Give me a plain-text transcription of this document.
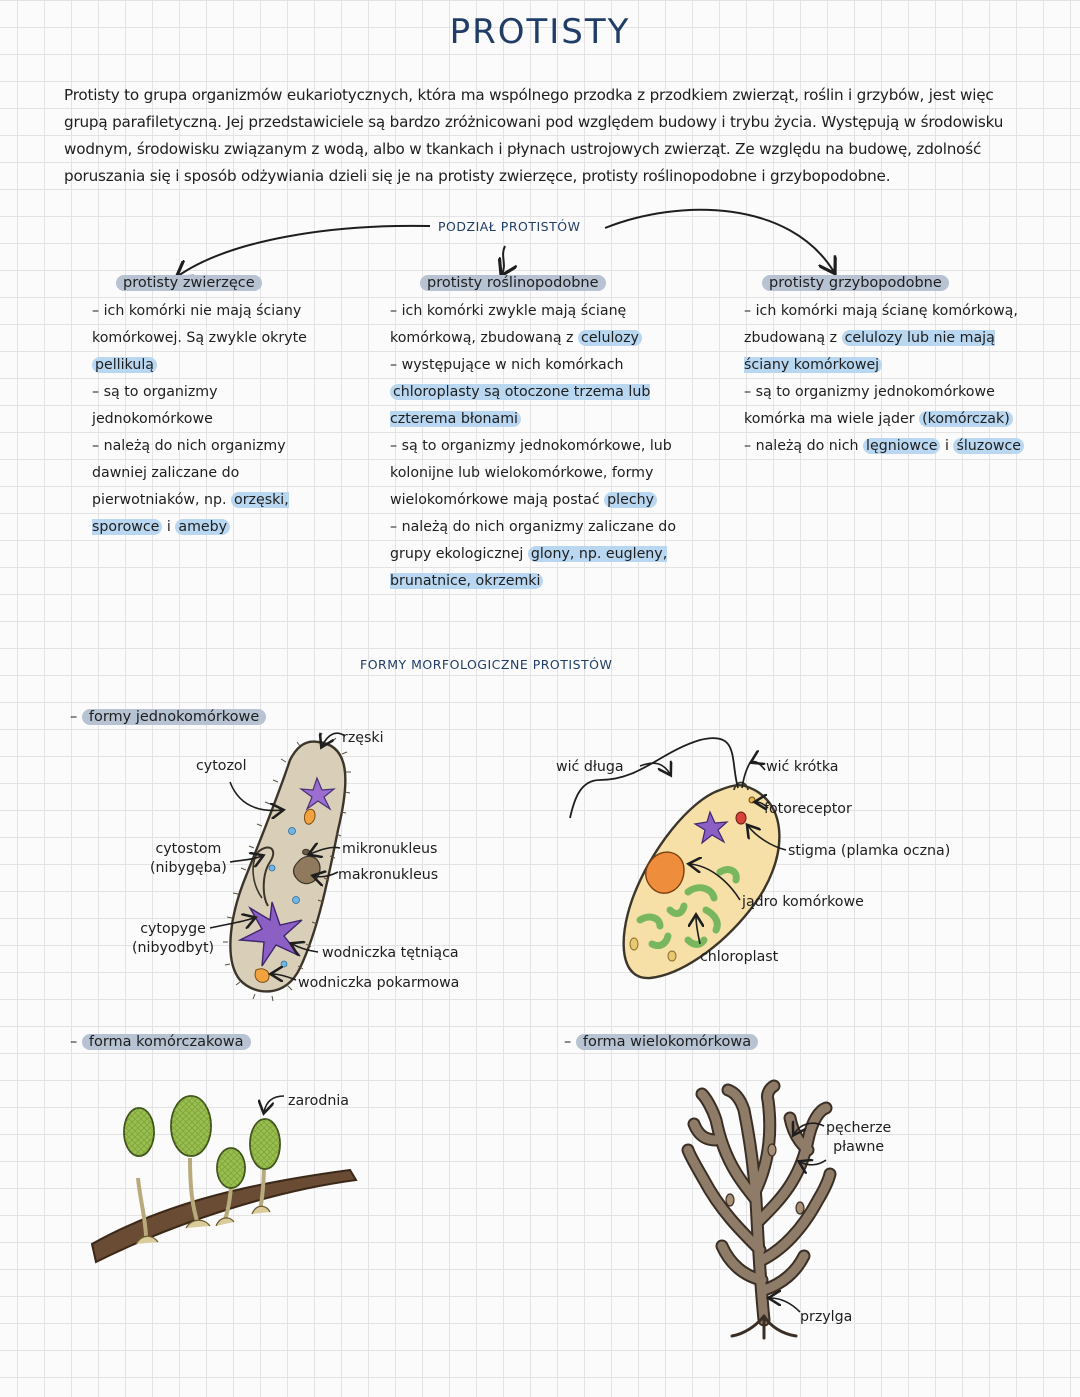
PROTISTY
Protisty to grupa organizmów eukariotycznych, która ma wspólnego przodka z przodkiem zwierząt, roślin i grzybów, jest więc grupą parafiletyczną. Jej przedstawiciele są bardzo zróżnicowani pod względem budowy i trybu życia. Występują w środowisku wodnym, środowisku związanym z wodą, albo w tkankach i płynach ustrojowych zwierząt. Ze względu na budowę, zdolność poruszania się i sposób odżywiania dzieli się je na protisty zwierzęce, protisty roślinopodobne i grzybopodobne.
PODZIAŁ PROTISTÓW
protisty zwierzęce

– ich komórki nie mają ściany komórkowej. Są zwykle okryte pellikulą

– są to organizmy jednokomórkowe

– należą do nich organizmy dawniej zaliczane do pierwotniaków, np. orzęski, sporowce i ameby

protisty roślinopodobne

– ich komórki zwykle mają ścianę komórkową, zbudowaną z celulozy

– występujące w nich komórkach chloroplasty są otoczone trzema lub czterema błonami

– są to organizmy jednokomórkowe, lub kolonijne lub wielokomórkowe, formy wielokomórkowe mają postać plechy

– należą do nich organizmy zaliczane do grupy ekologicznej glony, np. eugleny, brunatnice, okrzemki

protisty grzybopodobne

– ich komórki mają ścianę komórkową, zbudowaną z celulozy lub nie mają ściany komórkowej

– są to organizmy jednokomórkowe komórka ma wiele jąder (komórczak)

– należą do nich lęgniowce i śluzowce

FORMY MORFOLOGICZNE PROTISTÓW
– formy jednokomórkowe
– forma komórczakowa	– forma wielokomórkowa
rzęski
cytozol
cytostom
(nibygęba)
mikronukleus
makronukleus
cytopyge
(nibyodbyt)	wodniczka tętniąca
wodniczka pokarmowa
wić długa	wić krótka
fotoreceptor
stigma (plamka oczna)
jądro komórkowe
chloroplast
zarodnia
pęcherze
pławne
przylga
